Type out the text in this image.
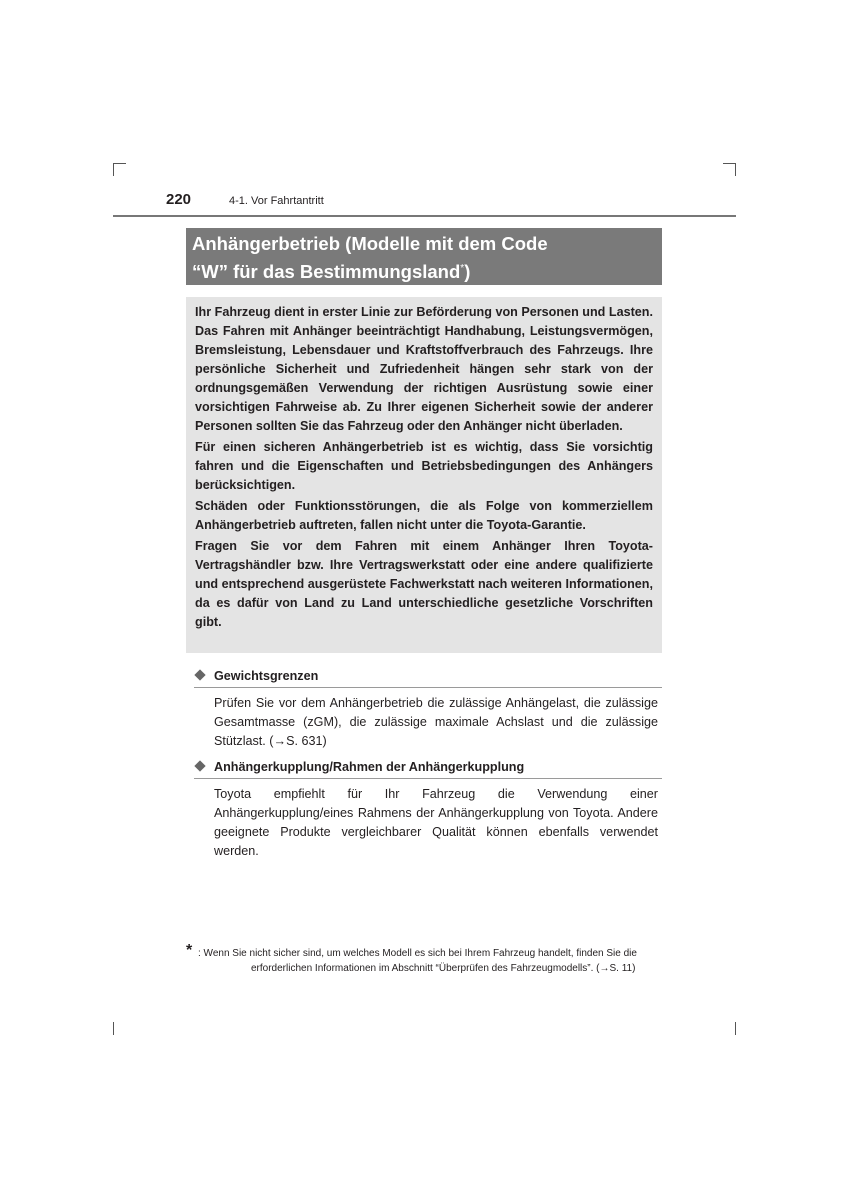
220	4-1. Vor Fahrtantritt
Anhängerbetrieb (Modelle mit dem Code
“W” für das Bestimmungsland*)

Ihr Fahrzeug dient in erster Linie zur Beförderung von Personen und Lasten. Das Fahren mit Anhänger beeinträchtigt Handhabung, Leistungsvermögen, Bremsleistung, Lebensdauer und Kraftstoffverbrauch des Fahrzeugs. Ihre persönliche Sicherheit und Zufriedenheit hängen sehr stark von der ordnungsgemäßen Verwendung der richtigen Ausrüstung sowie einer vorsichtigen Fahrweise ab. Zu Ihrer eigenen Sicherheit sowie der anderer Personen sollten Sie das Fahrzeug oder den Anhänger nicht überladen.

Für einen sicheren Anhängerbetrieb ist es wichtig, dass Sie vorsichtig fahren und die Eigenschaften und Betriebsbedingungen des Anhängers berücksichtigen.

Schäden oder Funktionsstörungen, die als Folge von kommerziellem Anhängerbetrieb auftreten, fallen nicht unter die Toyota-Garantie.

Fragen Sie vor dem Fahren mit einem Anhänger Ihren Toyota-Vertragshändler bzw. Ihre Vertragswerkstatt oder eine andere qualifizierte und entsprechend ausgerüstete Fachwerkstatt nach weiteren Informationen, da es dafür von Land zu Land unterschiedliche gesetzliche Vorschriften gibt.

Gewichtsgrenzen
Prüfen Sie vor dem Anhängerbetrieb die zulässige Anhängelast, die zulässige Gesamtmasse (zGM), die zulässige maximale Achslast und die zulässige Stützlast. (→S. 631)
Anhängerkupplung/Rahmen der Anhängerkupplung
Toyota empfiehlt für Ihr Fahrzeug die Verwendung einer Anhängerkupplung/eines Rahmens der Anhängerkupplung von Toyota. Andere geeignete Produkte vergleichbarer Qualität können ebenfalls verwendet werden.
* : Wenn Sie nicht sicher sind, um welches Modell es sich bei Ihrem Fahrzeug handelt, finden Sie die
erforderlichen Informationen im Abschnitt “Überprüfen des Fahrzeugmodells”. (→S. 11)
